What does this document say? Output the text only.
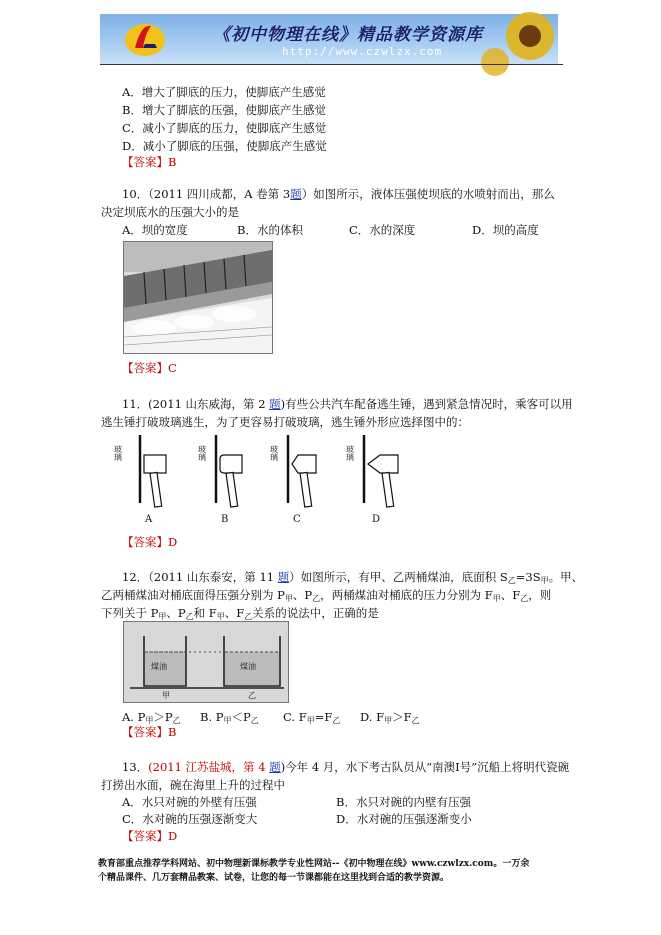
《初中物理在线》精品教学资源库
http://www.czwlzx.com
A．增大了脚底的压力，使脚底产生感觉
B．增大了脚底的压强，使脚底产生感觉
C．减小了脚底的压力，使脚底产生感觉
D．减小了脚底的压强，使脚底产生感觉
【答案】B
10．（2011 四川成都，A 卷第 3题）如图所示，液体压强使坝底的水喷射而出，那么
决定坝底水的压强大小的是
A．坝的宽度	B．水的体积	C．水的深度	D．坝的高度
【答案】C
11．(2011 山东威海，第 2 题)有些公共汽车配备逃生锤，遇到紧急情况时，乘客可以用
逃生锤打破玻璃逃生，为了更容易打破玻璃，逃生锤外形应选择图中的：
玻璃
A
玻璃
B
玻璃
C
玻璃
D
【答案】D
12．（2011 山东泰安，第 11 题）如图所示，有甲、乙两桶煤油，底面积 $S_乙=3S_甲$。甲、
乙两桶煤油对桶底面得压强分别为 $P_甲$、$P_乙$，两桶煤油对桶底的压力分别为 $F_甲$、$F_乙$，则
下列关于 $P_甲$、$P_乙$和 $F_甲$、$F_乙$关系的说法中，正确的是
煤油
甲
煤油
乙
A. $P_甲>P_乙$ B. $P_甲<P_乙$ C. $F_甲=F_乙$ D. $F_甲>F_乙$
【答案】B
13．(2011 江苏盐城，第 4 题)今年 4 月，水下考古队员从“南澳Ⅰ号”沉船上将明代瓷碗
打捞出水面，碗在海里上升的过程中
A．水只对碗的外壁有压强	B．水只对碗的内壁有压强
C．水对碗的压强逐渐变大	D．水对碗的压强逐渐变小
【答案】D
教育部重点推荐学科网站、初中物理新课标教学专业性网站--《初中物理在线》www.czwlzx.com。一万余
个精品课件、几万套精品教案、试卷，让您的每一节课都能在这里找到合适的教学资源。
